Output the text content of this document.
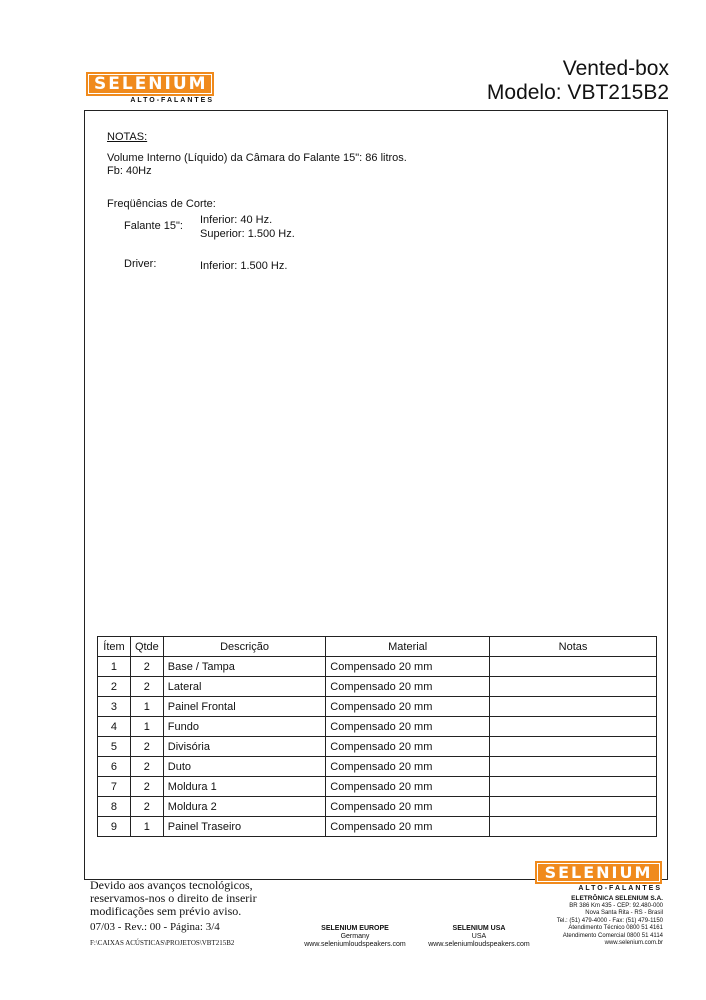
SELENIUM
ALTO-FALANTES
Vented-box
Modelo: VBT215B2
NOTAS:
Volume Interno (Líquido) da Câmara do Falante 15": 86 litros.
Fb: 40Hz
Freqüências de Corte:
Falante 15": Inferior: 40 Hz.
Superior: 1.500 Hz.
Driver:	Inferior: 1.500 Hz.
Ítem	Qtde	Descrição	Material	Notas
1	2	Base / Tampa	Compensado 20 mm	
2	2	Lateral	Compensado 20 mm	
3	1	Painel Frontal	Compensado 20 mm	
4	1	Fundo	Compensado 20 mm	
5	2	Divisória	Compensado 20 mm	
6	2	Duto	Compensado 20 mm	
7	2	Moldura 1	Compensado 20 mm	
8	2	Moldura 2	Compensado 20 mm	
9	1	Painel Traseiro	Compensado 20 mm	
Devido aos avanços tecnológicos,
reservamos-nos o direito de inserir
modificações sem prévio aviso.
07/03 - Rev.: 00 - Página: 3/4
F:\CAIXAS ACÚSTICAS\PROJETOS\VBT215B2
SELENIUM EUROPE
Germany
www.seleniumloudspeakers.com
SELENIUM USA
USA
www.seleniumloudspeakers.com
SELENIUM
ALTO-FALANTES
ELETRÔNICA SELENIUM S.A.
BR 386 Km 435 - CEP: 92.480-000
Nova Santa Rita - RS - Brasil
Tel.: (51) 479-4000 - Fax: (51) 479-1150
Atendimento Técnico 0800 51 4161
Atendimento Comercial 0800 51 4114
www.selenium.com.br
